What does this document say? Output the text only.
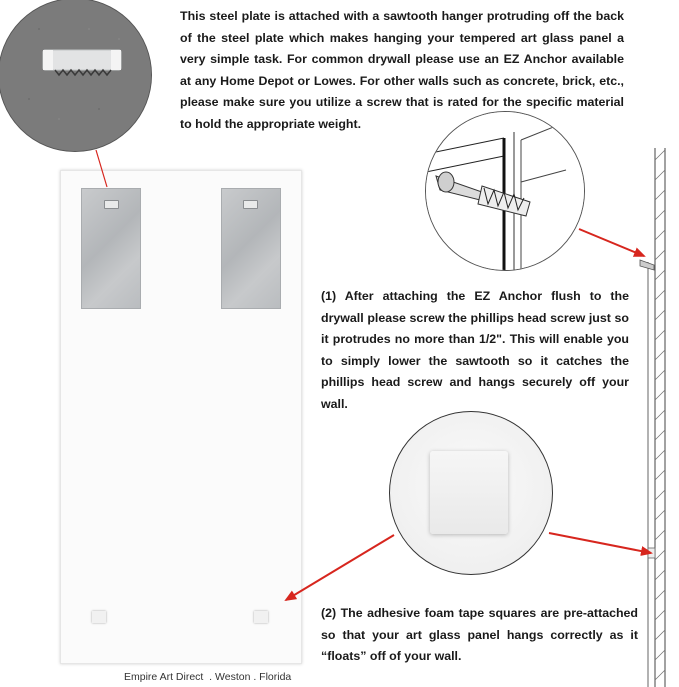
This steel plate is attached with a sawtooth hanger protruding off the back of the steel plate which makes hanging your tempered art glass panel a very simple task. For common drywall please use an EZ Anchor available at any Home Depot or Lowes. For other walls such as concrete, brick, etc., please make sure you utilize a screw that is rated for the specific material to hold the appropriate weight.
(1) After attaching the EZ Anchor flush to the drywall please screw the phillips head screw just so it protrudes no more than 1/2". This will enable you to simply lower the sawtooth so it catches the phillips head screw and hangs securely off your wall.
(2) The adhesive foam tape squares are pre-attached so that your art glass panel hangs correctly as it “floats” off of your wall.
Empire Art Direct  . Weston . Florida
